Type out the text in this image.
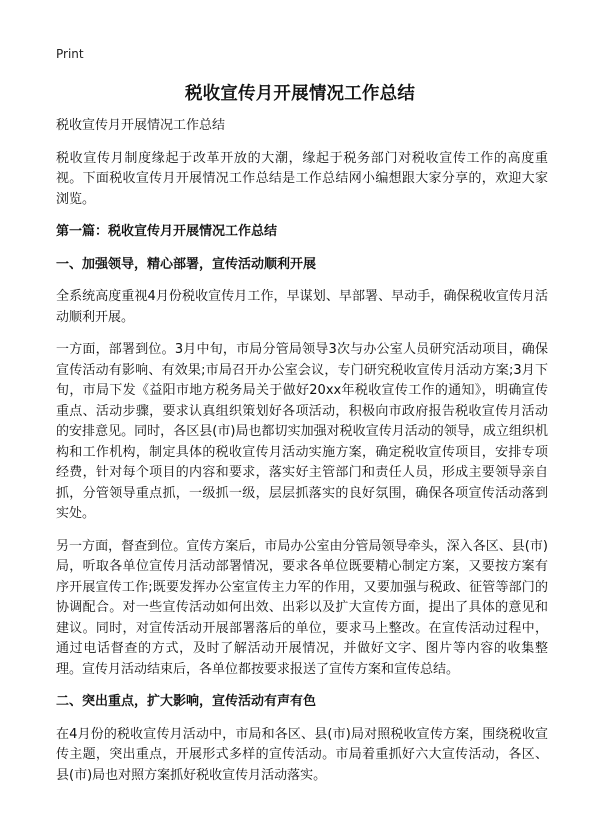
Print
税收宣传月开展情况工作总结

税收宣传月开展情况工作总结

税收宣传月制度缘起于改革开放的大潮，缘起于税务部门对税收宣传工作的高度重视。下面税收宣传月开展情况工作总结是工作总结网小编想跟大家分享的，欢迎大家浏览。

第一篇：税收宣传月开展情况工作总结

一、加强领导，精心部署，宣传活动顺利开展

全系统高度重视4月份税收宣传月工作，早谋划、早部署、早动手，确保税收宣传月活动顺利开展。

一方面，部署到位。3月中旬，市局分管局领导3次与办公室人员研究活动项目，确保宣传活动有影响、有效果;市局召开办公室会议，专门研究税收宣传月活动方案;3月下旬，市局下发《益阳市地方税务局关于做好20xx年税收宣传工作的通知》，明确宣传重点、活动步骤，要求认真组织策划好各项活动，积极向市政府报告税收宣传月活动的安排意见。同时，各区县(市)局也都切实加强对税收宣传月活动的领导，成立组织机构和工作机构，制定具体的税收宣传月活动实施方案，确定税收宣传项目，安排专项经费，针对每个项目的内容和要求，落实好主管部门和责任人员，形成主要领导亲自抓，分管领导重点抓，一级抓一级，层层抓落实的良好氛围，确保各项宣传活动落到实处。

另一方面，督查到位。宣传方案后，市局办公室由分管局领导牵头，深入各区、县(市)局，听取各单位宣传月活动部署情况，要求各单位既要精心制定方案，又要按方案有序开展宣传工作;既要发挥办公室宣传主力军的作用，又要加强与税政、征管等部门的协调配合。对一些宣传活动如何出效、出彩以及扩大宣传方面，提出了具体的意见和建议。同时，对宣传活动开展部署落后的单位，要求马上整改。在宣传活动过程中，通过电话督查的方式，及时了解活动开展情况，并做好文字、图片等内容的收集整理。宣传月活动结束后，各单位都按要求报送了宣传方案和宣传总结。

二、突出重点，扩大影响，宣传活动有声有色

在4月份的税收宣传月活动中，市局和各区、县(市)局对照税收宣传方案，围绕税收宣传主题，突出重点，开展形式多样的宣传活动。市局着重抓好六大宣传活动，各区、县(市)局也对照方案抓好税收宣传月活动落实。
